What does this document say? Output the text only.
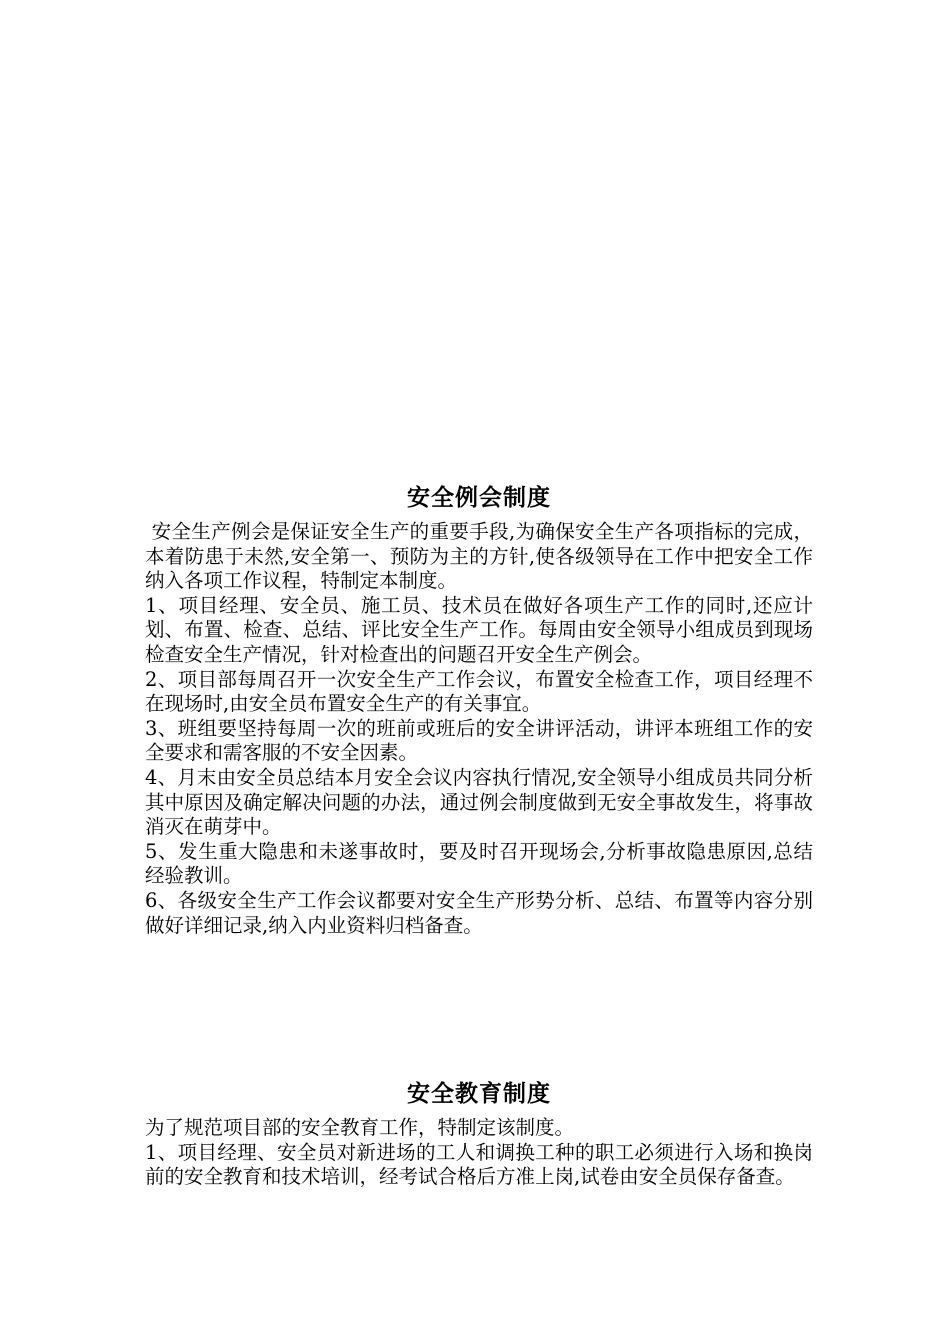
安全例会制度

安全生产例会是保证安全生产的重要手段,为确保安全生产各项指标的完成，本着防患于未然,安全第一、预防为主的方针,使各级领导在工作中把安全工作纳入各项工作议程，特制定本制度。

1、项目经理、安全员、施工员、技术员在做好各项生产工作的同时,还应计划、布置、检查、总结、评比安全生产工作。每周由安全领导小组成员到现场检查安全生产情况，针对检查出的问题召开安全生产例会。

2、项目部每周召开一次安全生产工作会议，布置安全检查工作，项目经理不在现场时,由安全员布置安全生产的有关事宜。

3、班组要坚持每周一次的班前或班后的安全讲评活动，讲评本班组工作的安全要求和需客服的不安全因素。

4、月末由安全员总结本月安全会议内容执行情况,安全领导小组成员共同分析其中原因及确定解决问题的办法，通过例会制度做到无安全事故发生，将事故消灭在萌芽中。

5、发生重大隐患和未遂事故时，要及时召开现场会,分析事故隐患原因,总结经验教训。

6、各级安全生产工作会议都要对安全生产形势分析、总结、布置等内容分别做好详细记录,纳入内业资料归档备查。

安全教育制度

为了规范项目部的安全教育工作，特制定该制度。

1、项目经理、安全员对新进场的工人和调换工种的职工必须进行入场和换岗前的安全教育和技术培训，经考试合格后方准上岗,试卷由安全员保存备查。
